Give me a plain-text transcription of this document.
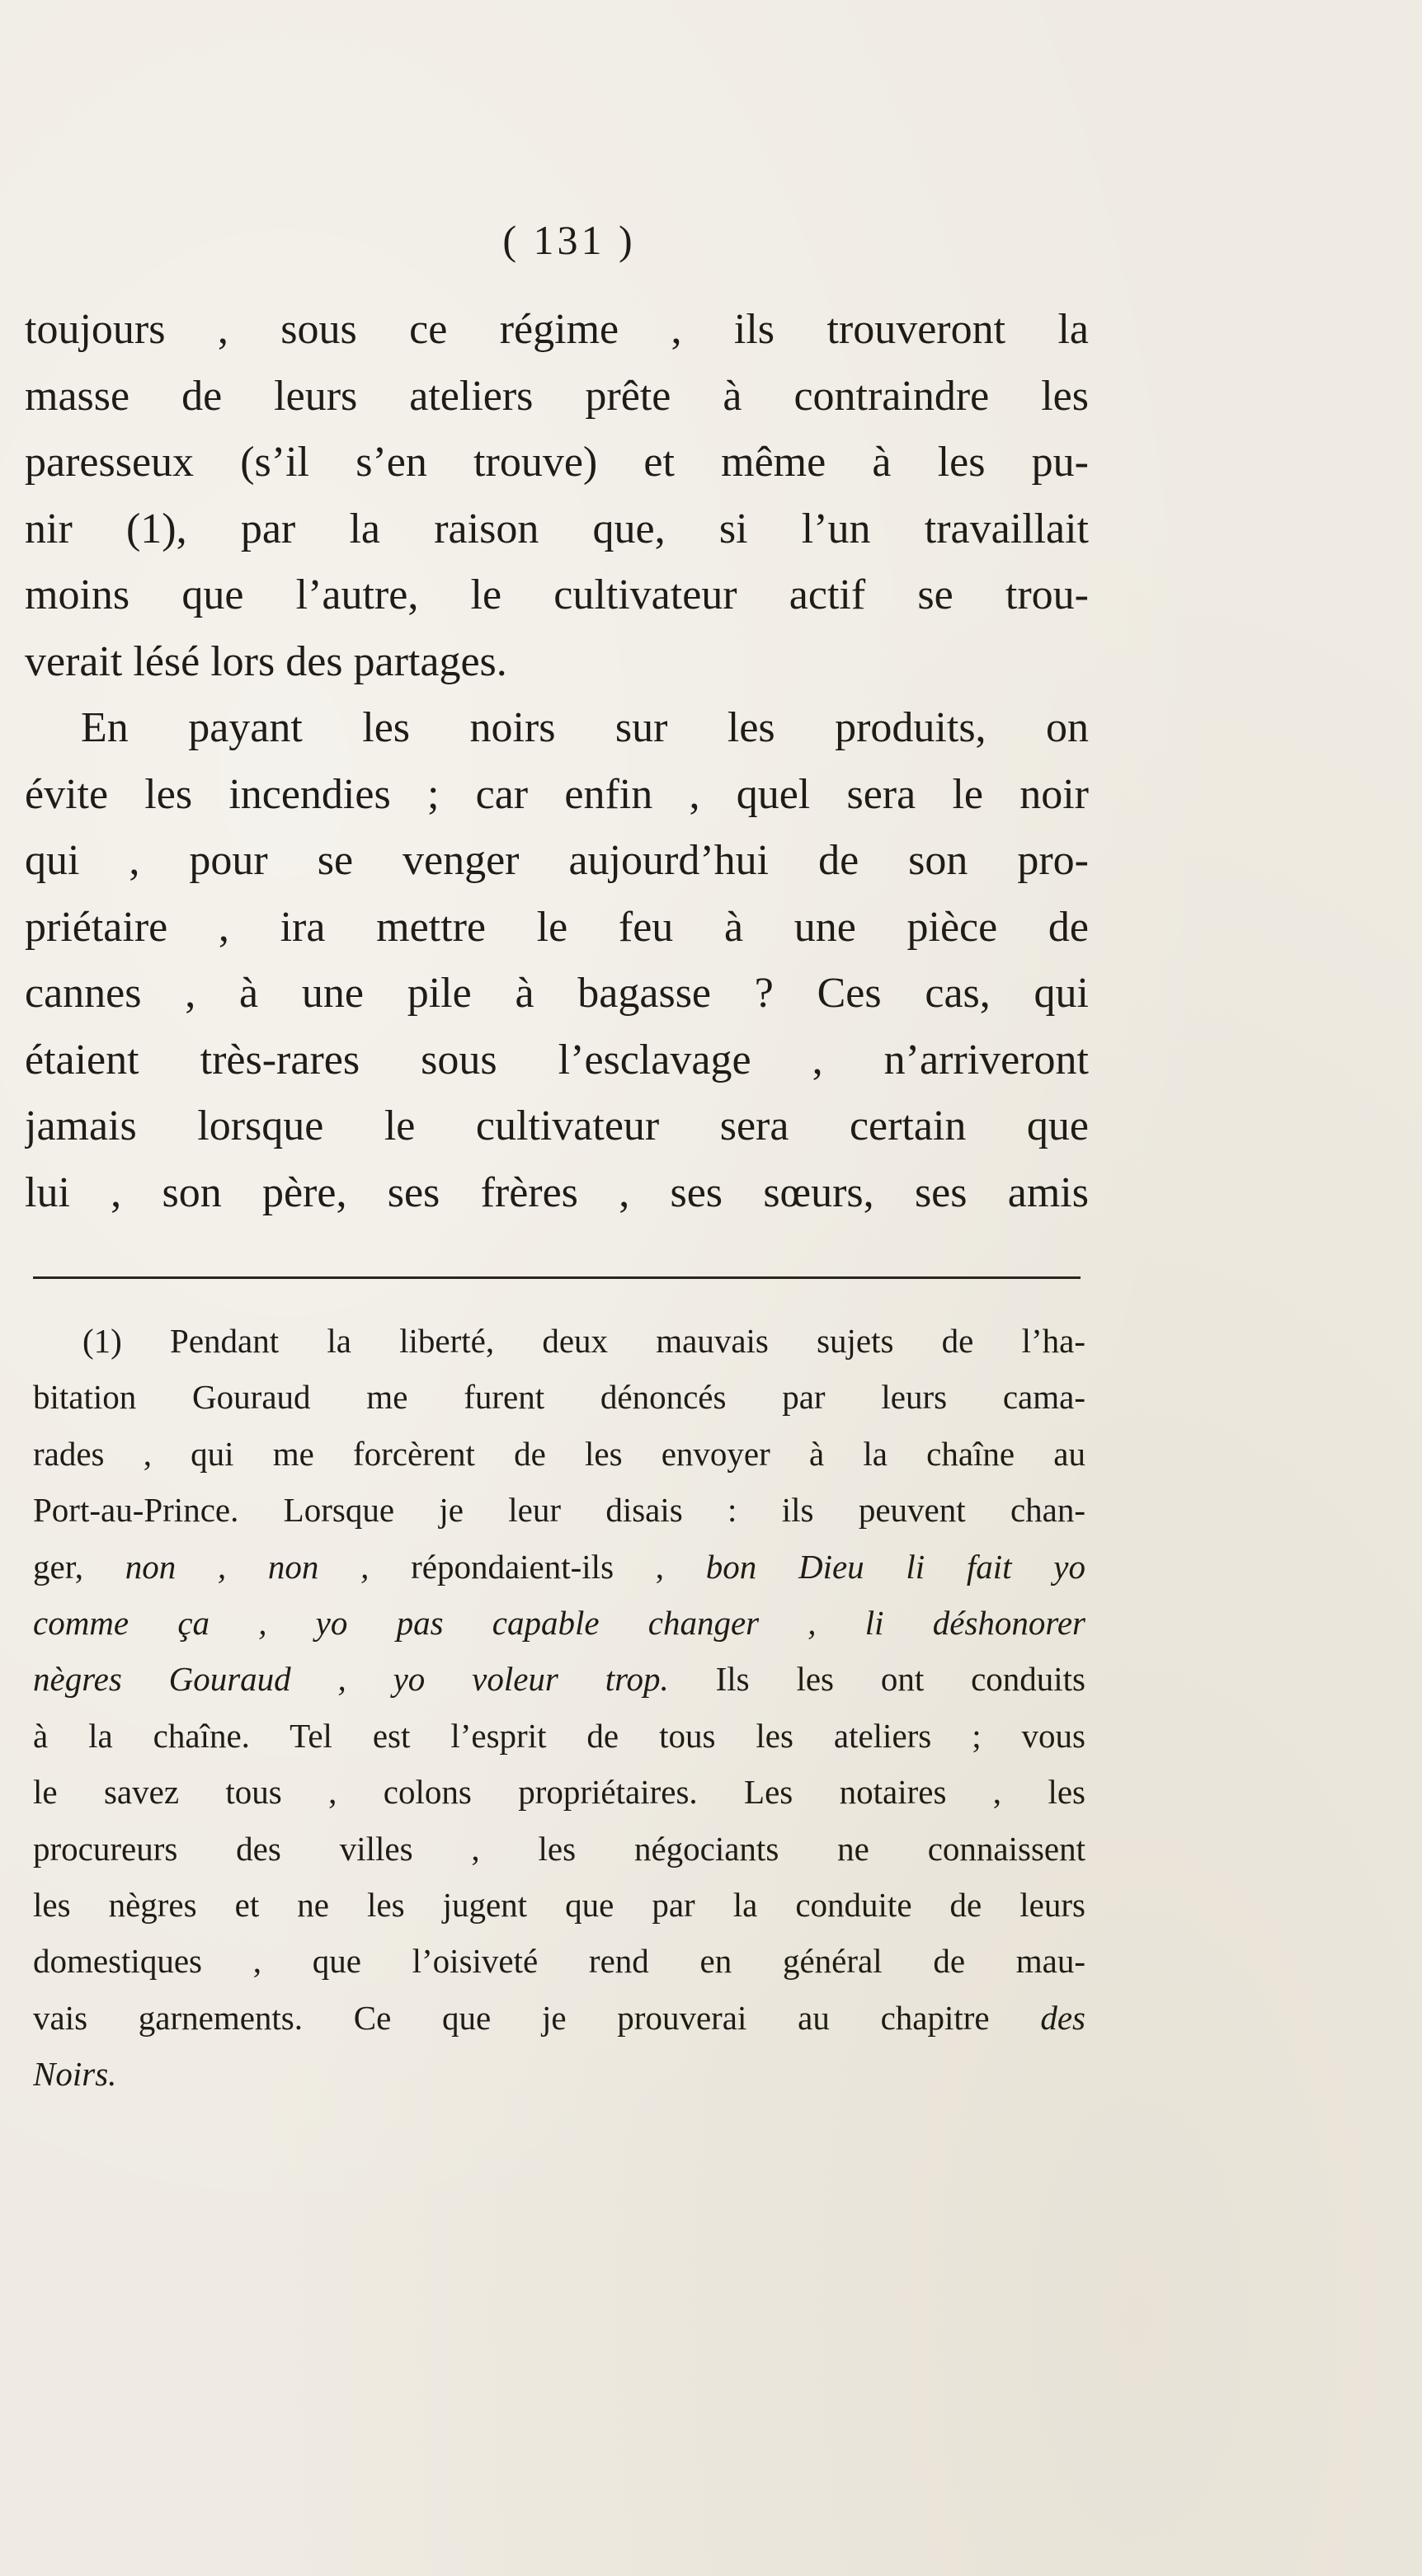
( 131 )
toujours , sous ce régime , ils trouveront la
masse de leurs ateliers prête à contraindre les
paresseux (s’il s’en trouve) et même à les pu-
nir (1), par la raison que, si l’un travaillait
moins que l’autre, le cultivateur actif se trou-
verait lésé lors des partages.
En payant les noirs sur les produits, on
évite les incendies ; car enfin , quel sera le noir
qui , pour se venger aujourd’hui de son pro-
priétaire , ira mettre le feu à une pièce de
cannes , à une pile à bagasse ? Ces cas, qui
étaient très-rares sous l’esclavage , n’arriveront
jamais lorsque le cultivateur sera certain que
lui , son père, ses frères , ses sœurs, ses amis
(1) Pendant la liberté, deux mauvais sujets de l’ha-
bitation Gouraud me furent dénoncés par leurs cama-
rades , qui me forcèrent de les envoyer à la chaîne au
Port-au-Prince. Lorsque je leur disais : ils peuvent chan-
ger, non , non , répondaient-ils , bon Dieu li fait yo
comme ça , yo pas capable changer , li déshonorer
nègres Gouraud , yo voleur trop. Ils les ont conduits
à la chaîne. Tel est l’esprit de tous les ateliers ; vous
le savez tous , colons propriétaires. Les notaires , les
procureurs des villes , les négociants ne connaissent
les nègres et ne les jugent que par la conduite de leurs
domestiques , que l’oisiveté rend en général de mau-
vais garnements. Ce que je prouverai au chapitre des
Noirs.
